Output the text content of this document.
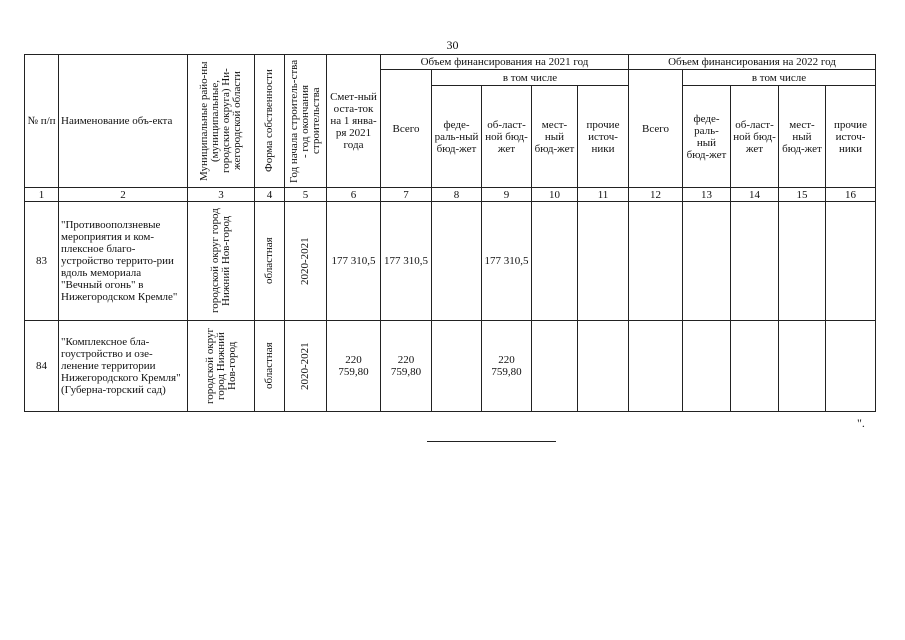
30
№ п/п	Наименование объ-екта	Муниципальные райо-ны (муниципальные, городские округа) Ни-жегородской области	Форма собственности	Год начала строитель-ства - год окончания строительства	Смет-ный оста-ток на 1 янва-ря 2021 года	Объем финансирования на 2021 год					Объем финансирования на 2022 год				
						Всего	в том числе				Всего	в том числе			
							феде-раль-ный бюд-жет	об-ласт-ной бюд-жет	мест-ный бюд-жет	прочие источ-ники		феде-раль-ный бюд-жет	об-ласт-ной бюд-жет	мест-ный бюд-жет	прочие источ-ники
1	2	3	4	5	6	7	8	9	10	11	12	13	14	15	16
83	"Противооползневые мероприятия и ком-плексное благо-устройство террито-рии вдоль мемориала "Вечный огонь" в Нижегородском Кремле"	городской округ город Нижний Нов-город	областная	2020-2021	177 310,5	177 310,5		177 310,5							
84	"Комплексное бла-гоустройство и озе-ленение территории Нижегородского Кремля" (Губерна-торский сад)	городской округ город Нижний Нов-город	областная	2020-2021	220 759,80	220 759,80		220 759,80							
".
